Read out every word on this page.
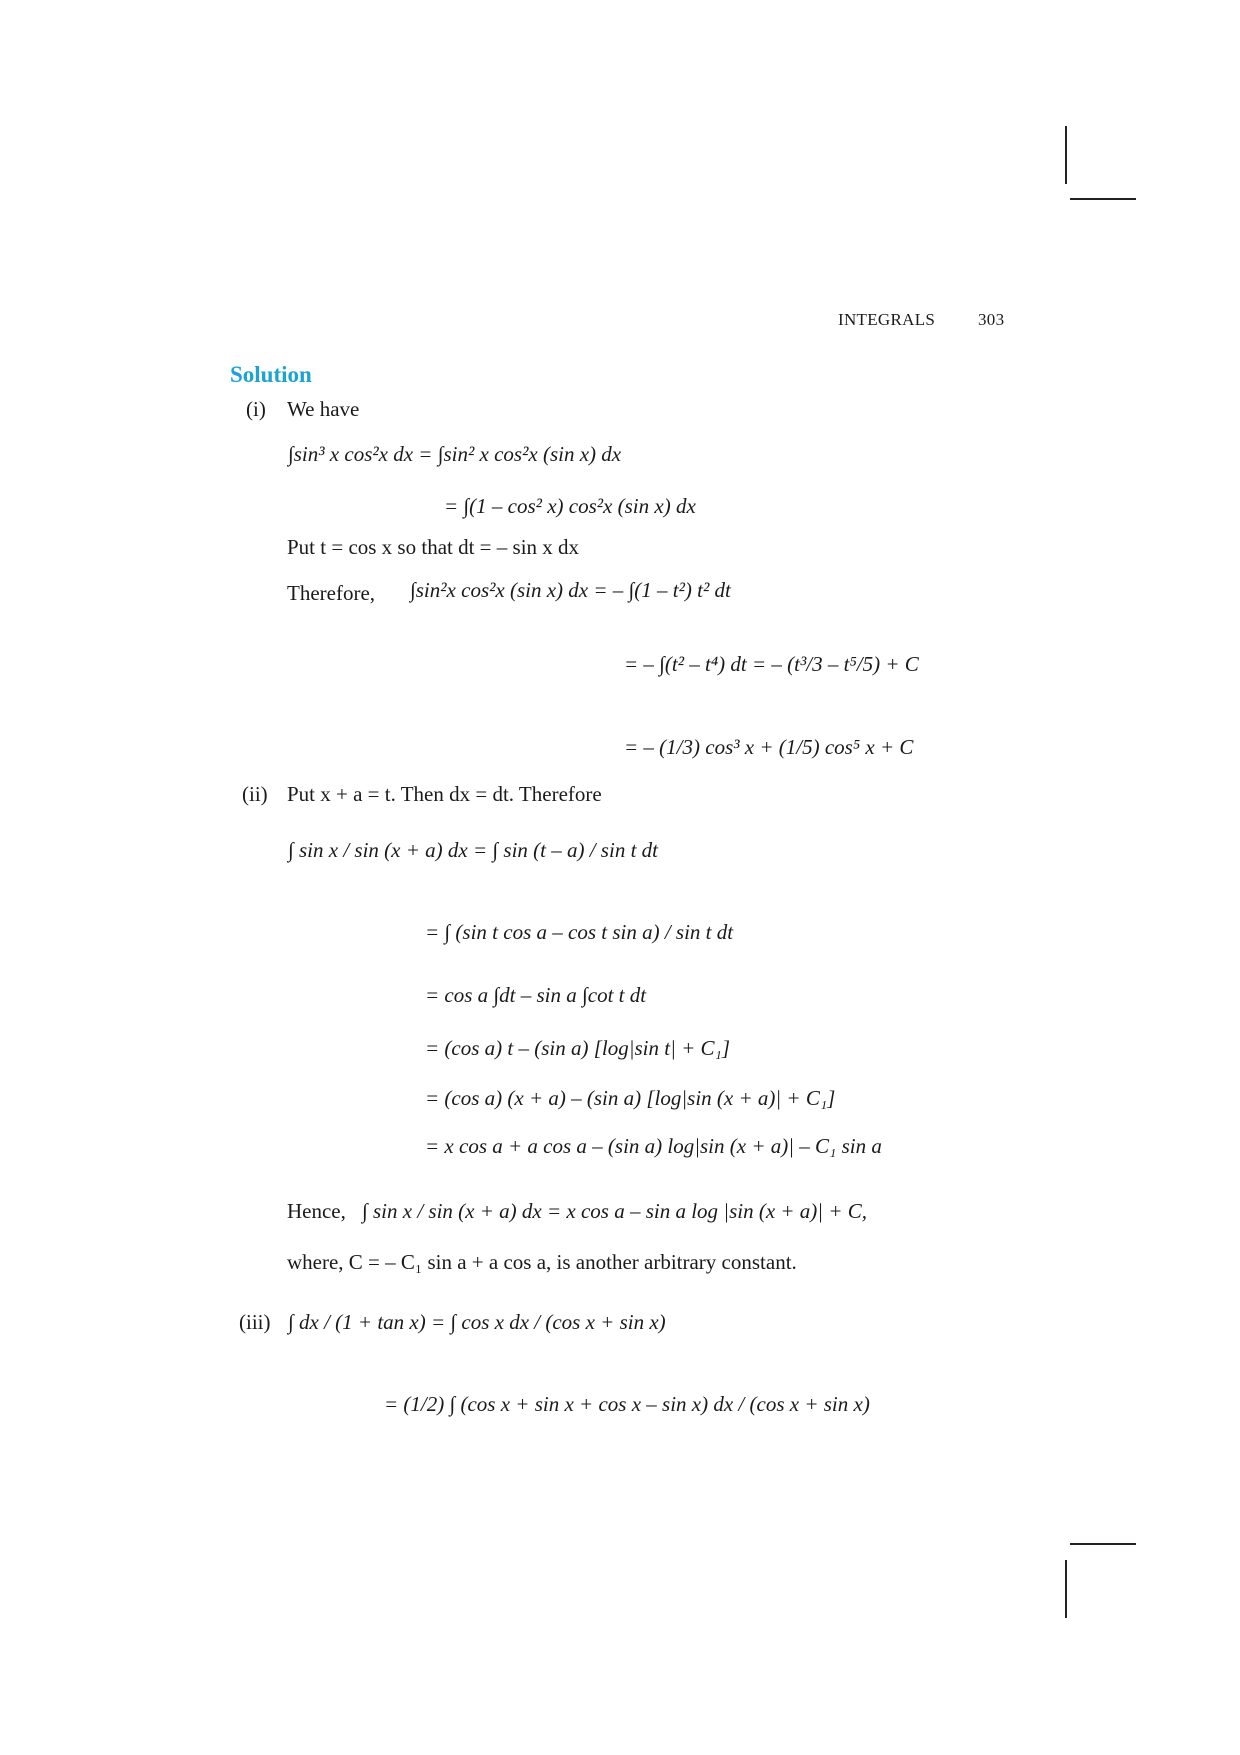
INTEGRALS	303
Solution
(i) We have
∫sin³ x cos²x dx = ∫sin² x cos²x (sin x) dx
= ∫(1 – cos² x) cos²x (sin x) dx
Put t = cos x so that dt = – sin x dx
Therefore, ∫sin²x cos²x (sin x) dx = – ∫(1 – t²) t² dt
= – ∫(t² – t⁴) dt = – (t³/3 – t⁵/5) + C
= – (1/3) cos³ x + (1/5) cos⁵ x + C
(ii) Put x + a = t. Then dx = dt. Therefore
∫ sin x / sin (x + a) dx = ∫ sin (t – a) / sin t dt
= ∫ (sin t cos a – cos t sin a) / sin t dt
= cos a ∫dt – sin a ∫cot t dt
= (cos a) t – (sin a) [log|sin t| + C₁]
= (cos a) (x + a) – (sin a) [log|sin (x + a)| + C₁]
= x cos a + a cos a – (sin a) log|sin (x + a)| – C₁ sin a
Hence, ∫ sin x / sin (x + a) dx = x cos a – sin a log |sin (x + a)| + C,
where, C = – C₁ sin a + a cos a, is another arbitrary constant.
(iii) ∫ dx / (1 + tan x) = ∫ cos x dx / (cos x + sin x)
= (1/2) ∫ (cos x + sin x + cos x – sin x) dx / (cos x + sin x)
